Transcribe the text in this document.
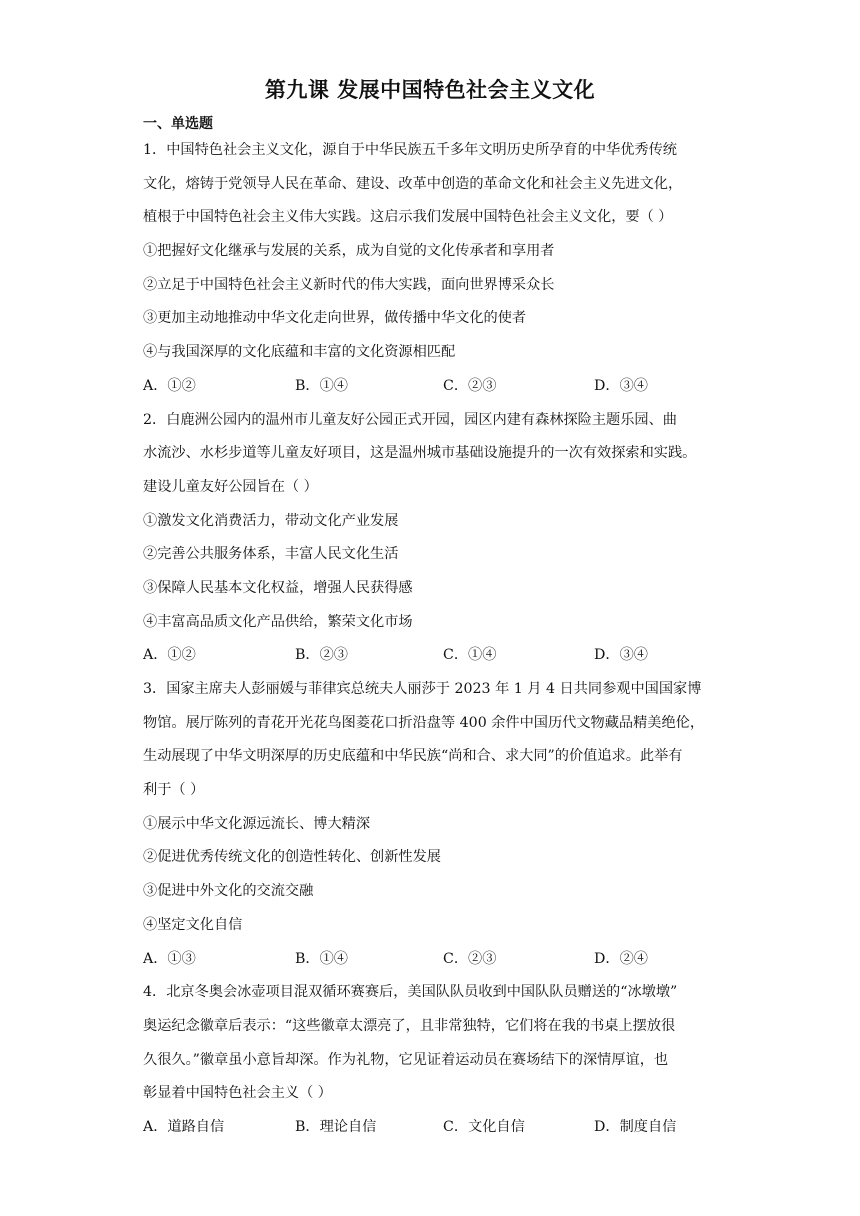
第九课 发展中国特色社会主义文化
一、单选题
1．中国特色社会主义文化，源自于中华民族五千多年文明历史所孕育的中华优秀传统
文化，熔铸于党领导人民在革命、建设、改革中创造的革命文化和社会主义先进文化，
植根于中国特色社会主义伟大实践。这启示我们发展中国特色社会主义文化，要（ ）
①把握好文化继承与发展的关系，成为自觉的文化传承者和享用者
②立足于中国特色社会主义新时代的伟大实践，面向世界博采众长
③更加主动地推动中华文化走向世界，做传播中华文化的使者
④与我国深厚的文化底蕴和丰富的文化资源相匹配
A．①②	B．①④	C．②③	D．③④
2．白鹿洲公园内的温州市儿童友好公园正式开园，园区内建有森林探险主题乐园、曲
水流沙、水杉步道等儿童友好项目，这是温州城市基础设施提升的一次有效探索和实践。
建设儿童友好公园旨在（ ）
①激发文化消费活力，带动文化产业发展
②完善公共服务体系，丰富人民文化生活
③保障人民基本文化权益，增强人民获得感
④丰富高品质文化产品供给，繁荣文化市场
A．①②	B．②③	C．①④	D．③④
3．国家主席夫人彭丽媛与菲律宾总统夫人丽莎于 2023 年 1 月 4 日共同参观中国国家博
物馆。展厅陈列的青花开光花鸟图菱花口折沿盘等 400 余件中国历代文物藏品精美绝伦，
生动展现了中华文明深厚的历史底蕴和中华民族“尚和合、求大同”的价值追求。此举有
利于（ ）
①展示中华文化源远流长、博大精深
②促进优秀传统文化的创造性转化、创新性发展
③促进中外文化的交流交融
④坚定文化自信
A．①③	B．①④	C．②③	D．②④
4．北京冬奥会冰壶项目混双循环赛赛后，美国队队员收到中国队队员赠送的“冰墩墩”
奥运纪念徽章后表示：“这些徽章太漂亮了，且非常独特，它们将在我的书桌上摆放很
久很久。”徽章虽小意旨却深。作为礼物，它见证着运动员在赛场结下的深情厚谊，也
彰显着中国特色社会主义（ ）
A．道路自信	B．理论自信	C．文化自信	D．制度自信
